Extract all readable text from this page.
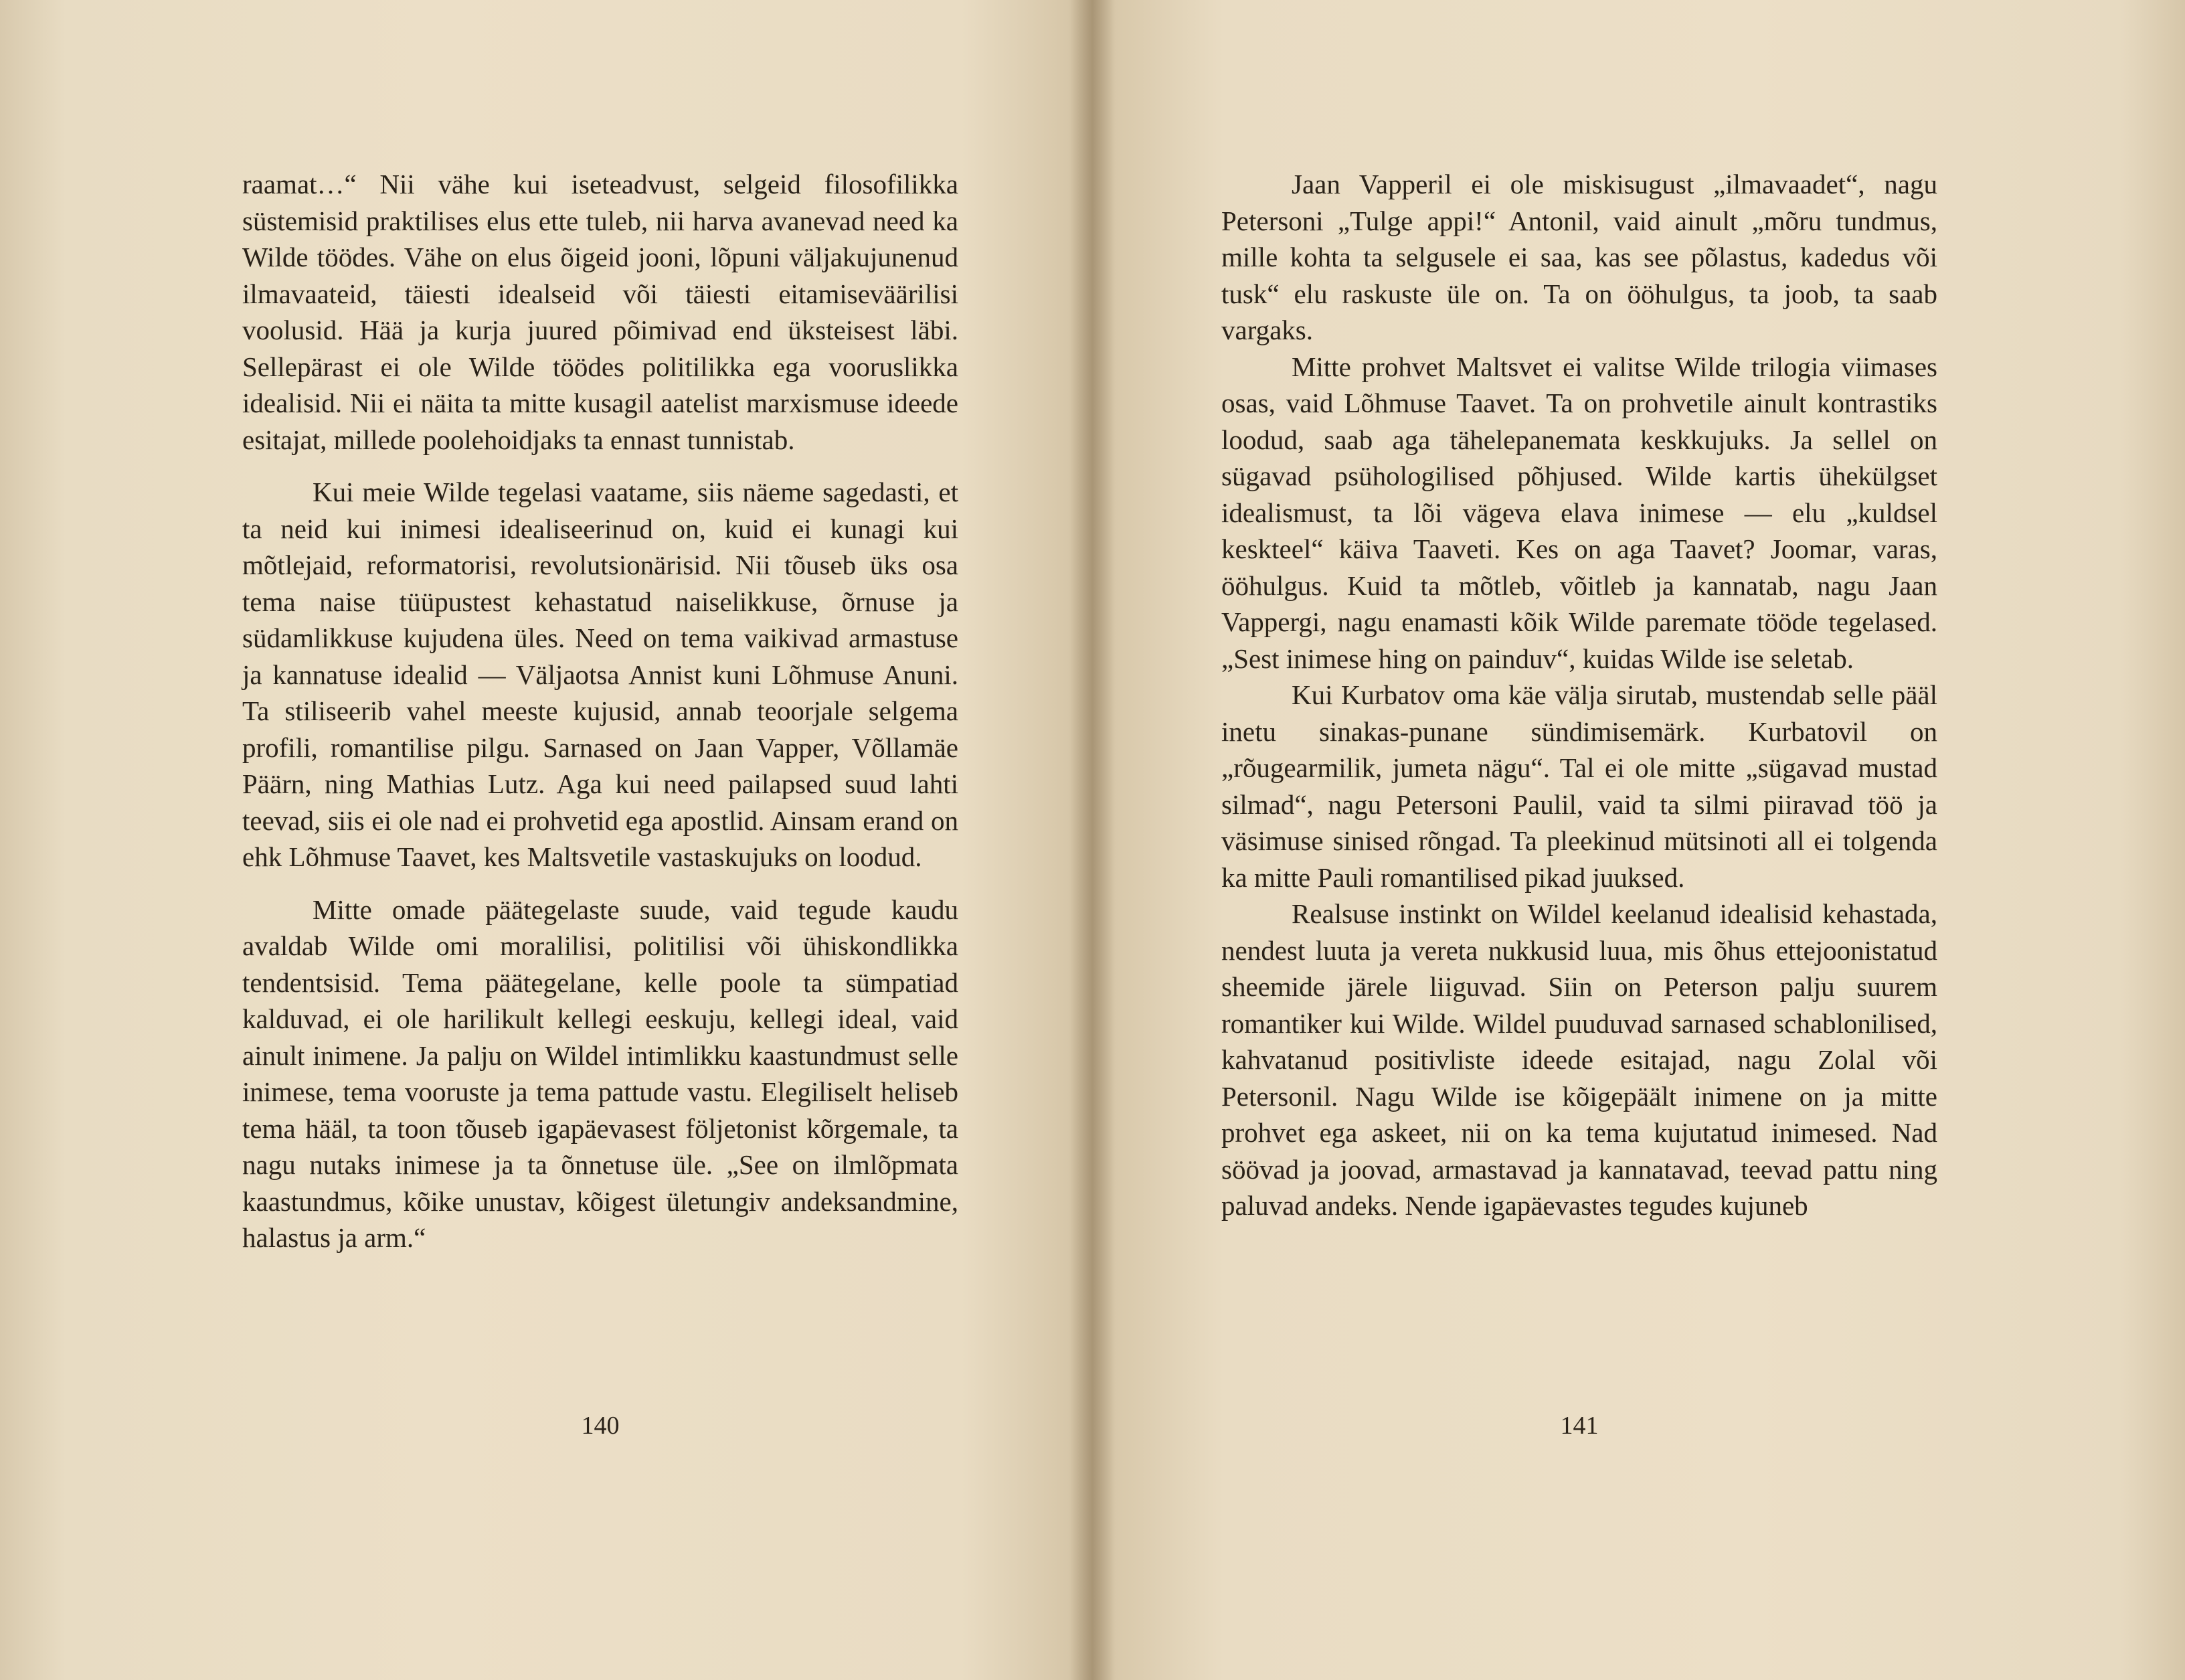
raamat…“ Nii vähe kui iseteadvust, selgeid filosofilikka süstemisid praktilises elus ette tuleb, nii harva avanevad need ka Wilde töödes. Vähe on elus õigeid jooni, lõpuni väljakujunenud ilmavaateid, täiesti idealseid või täiesti eitamiseväärilisi voolusid. Hää ja kurja juured põimivad end üksteisest läbi. Sellepärast ei ole Wilde töödes politilikka ega vooruslikka idealisid. Nii ei näita ta mitte kusagil aatelist marxismuse ideede esitajat, millede poolehoidjaks ta ennast tunnistab.

Kui meie Wilde tegelasi vaatame, siis näeme sagedasti, et ta neid kui inimesi idealiseerinud on, kuid ei kunagi kui mõtlejaid, reformatorisi, revolutsionärisid. Nii tõuseb üks osa tema naise tüüpustest kehastatud naiselikkuse, õrnuse ja südamlikkuse kujudena üles. Need on tema vaikivad armastuse ja kannatuse idealid — Väljaotsa Annist kuni Lõhmuse Anuni. Ta stiliseerib vahel meeste kujusid, annab teoorjale selgema profili, romantilise pilgu. Sarnased on Jaan Vapper, Võllamäe Päärn, ning Mathias Lutz. Aga kui need pailapsed suud lahti teevad, siis ei ole nad ei prohvetid ega apostlid. Ainsam erand on ehk Lõhmuse Taavet, kes Maltsvetile vastaskujuks on loodud.

Mitte omade päätegelaste suude, vaid tegude kaudu avaldab Wilde omi moralilisi, politilisi või ühiskondlikka tendentsisid. Tema päätegelane, kelle poole ta sümpatiad kalduvad, ei ole harilikult kellegi eeskuju, kellegi ideal, vaid ainult inimene. Ja palju on Wildel intimlikku kaastundmust selle inimese, tema vooruste ja tema pattude vastu. Elegiliselt heliseb tema hääl, ta toon tõuseb igapäevasest följetonist kõrgemale, ta nagu nutaks inimese ja ta õnnetuse üle. „See on ilmlõpmata kaastundmus, kõike unustav, kõigest ületungiv andeksandmine, halastus ja arm.“

140

Jaan Vapperil ei ole miskisugust „ilmavaadet“, nagu Petersoni „Tulge appi!“ Antonil, vaid ainult „mõru tundmus, mille kohta ta selgusele ei saa, kas see põlastus, kadedus või tusk“ elu raskuste üle on. Ta on ööhulgus, ta joob, ta saab vargaks.

Mitte prohvet Maltsvet ei valitse Wilde trilogia viimases osas, vaid Lõhmuse Taavet. Ta on prohvetile ainult kontrastiks loodud, saab aga tähelepanemata keskkujuks. Ja sellel on sügavad psühologilised põhjused. Wilde kartis ühekülgset idealismust, ta lõi vägeva elava inimese — elu „kuldsel keskteel“ käiva Taaveti. Kes on aga Taavet? Joomar, varas, ööhulgus. Kuid ta mõtleb, võitleb ja kannatab, nagu Jaan Vappergi, nagu enamasti kõik Wilde paremate tööde tegelased. „Sest inimese hing on painduv“, kuidas Wilde ise seletab.

Kui Kurbatov oma käe välja sirutab, mustendab selle pääl inetu sinakas-punane sündimisemärk. Kurbatovil on „rõugearmilik, jumeta nägu“. Tal ei ole mitte „sügavad mustad silmad“, nagu Petersoni Paulil, vaid ta silmi piiravad töö ja väsimuse sinised rõngad. Ta pleekinud mütsinoti all ei tolgenda ka mitte Pauli romantilised pikad juuksed.

Realsuse instinkt on Wildel keelanud idealisid kehastada, nendest luuta ja vereta nukkusid luua, mis õhus ettejoonistatud sheemide järele liiguvad. Siin on Peterson palju suurem romantiker kui Wilde. Wildel puuduvad sarnased schablonilised, kahvatanud positivliste ideede esitajad, nagu Zolal või Petersonil. Nagu Wilde ise kõigepäält inimene on ja mitte prohvet ega askeet, nii on ka tema kujutatud inimesed. Nad söövad ja joovad, armastavad ja kannatavad, teevad pattu ning paluvad andeks. Nende igapäevastes tegudes kujuneb

141
